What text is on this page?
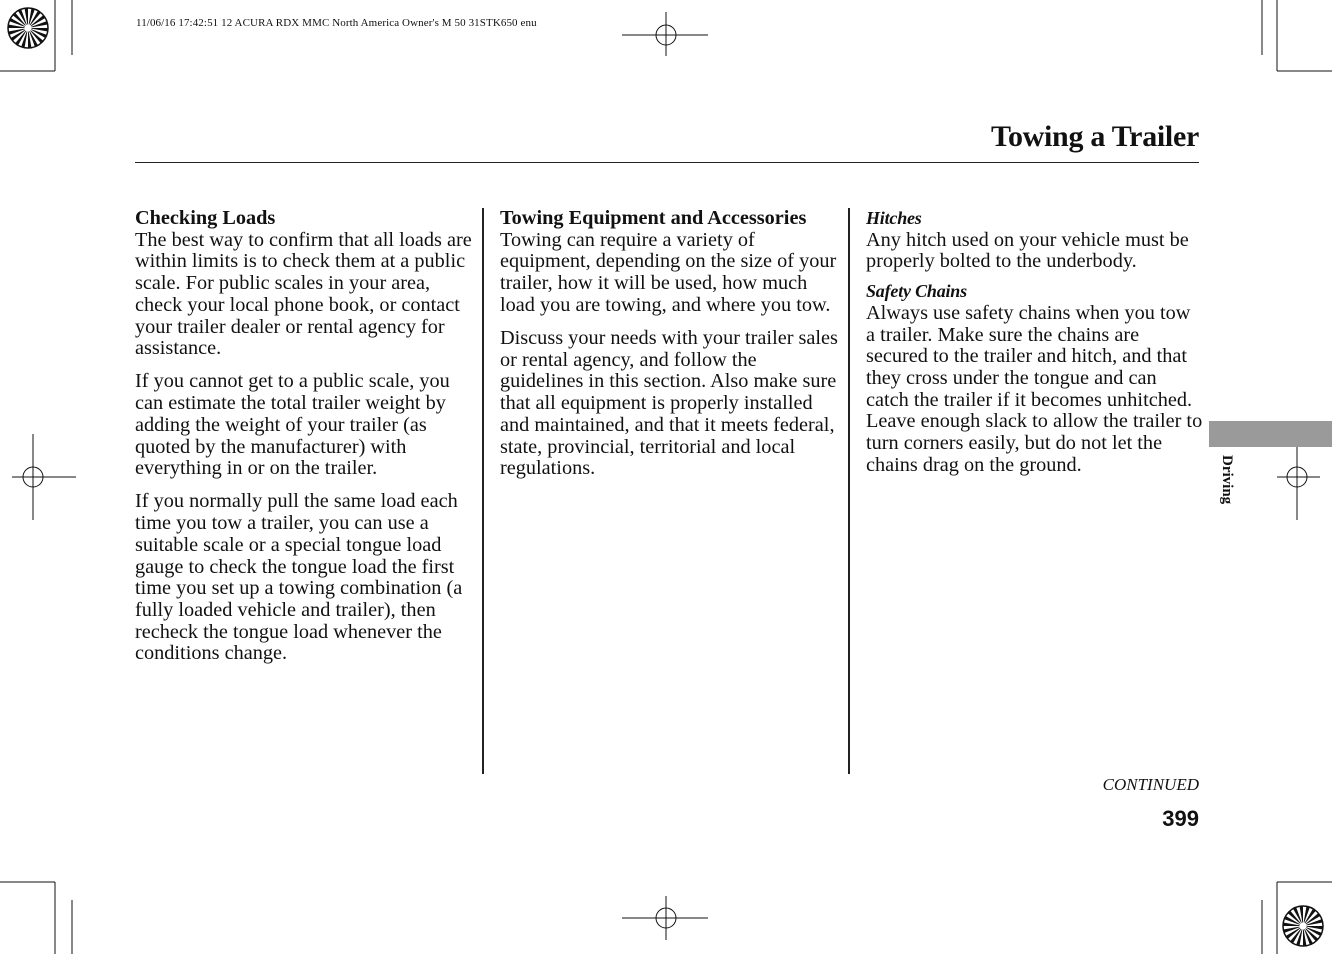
11/06/16 17:42:51 12 ACURA RDX MMC North America Owner's M 50 31STK650 enu
Towing a Trailer
Checking Loads

The best way to confirm that all loads are within limits is to check them at a public scale. For public scales in your area, check your local phone book, or contact your trailer dealer or rental agency for assistance.

If you cannot get to a public scale, you can estimate the total trailer weight by adding the weight of your trailer (as quoted by the manufacturer) with everything in or on the trailer.

If you normally pull the same load each time you tow a trailer, you can use a suitable scale or a special tongue load gauge to check the tongue load the first time you set up a towing combination (a fully loaded vehicle and trailer), then recheck the tongue load whenever the conditions change.

Towing Equipment and Accessories

Towing can require a variety of equipment, depending on the size of your trailer, how it will be used, how much load you are towing, and where you tow.

Discuss your needs with your trailer sales or rental agency, and follow the guidelines in this section. Also make sure that all equipment is properly installed and maintained, and that it meets federal, state, provincial, territorial and local regulations.

Hitches
Any hitch used on your vehicle must be properly bolted to the underbody.
Safety Chains
Always use safety chains when you tow a trailer. Make sure the chains are secured to the trailer and hitch, and that they cross under the tongue and can catch the trailer if it becomes unhitched. Leave enough slack to allow the trailer to turn corners easily, but do not let the chains drag on the ground.	Driving
CONTINUED
399
